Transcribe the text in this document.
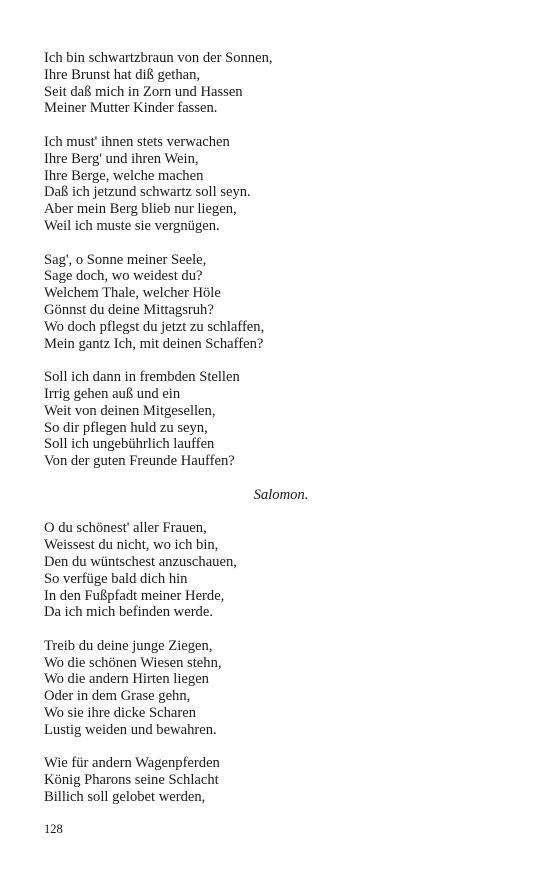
Ich bin schwartzbraun von der Sonnen,
Ihre Brunst hat diß gethan,
Seit daß mich in Zorn und Hassen
Meiner Mutter Kinder fassen.
Ich must' ihnen stets verwachen
Ihre Berg' und ihren Wein,
Ihre Berge, welche machen
Daß ich jetzund schwartz soll seyn.
Aber mein Berg blieb nur liegen,
Weil ich muste sie vergnügen.
Sag', o Sonne meiner Seele,
Sage doch, wo weidest du?
Welchem Thale, welcher Höle
Gönnst du deine Mittagsruh?
Wo doch pflegst du jetzt zu schlaffen,
Mein gantz Ich, mit deinen Schaffen?
Soll ich dann in frembden Stellen
Irrig gehen auß und ein
Weit von deinen Mitgesellen,
So dir pflegen huld zu seyn,
Soll ich ungebührlich lauffen
Von der guten Freunde Hauffen?
Salomon.
O du schönest' aller Frauen,
Weissest du nicht, wo ich bin,
Den du wüntschest anzuschauen,
So verfüge bald dich hin
In den Fußpfadt meiner Herde,
Da ich mich befinden werde.
Treib du deine junge Ziegen,
Wo die schönen Wiesen stehn,
Wo die andern Hirten liegen
Oder in dem Grase gehn,
Wo sie ihre dicke Scharen
Lustig weiden und bewahren.
Wie für andern Wagenpferden
König Pharons seine Schlacht
Billich soll gelobet werden,
128
